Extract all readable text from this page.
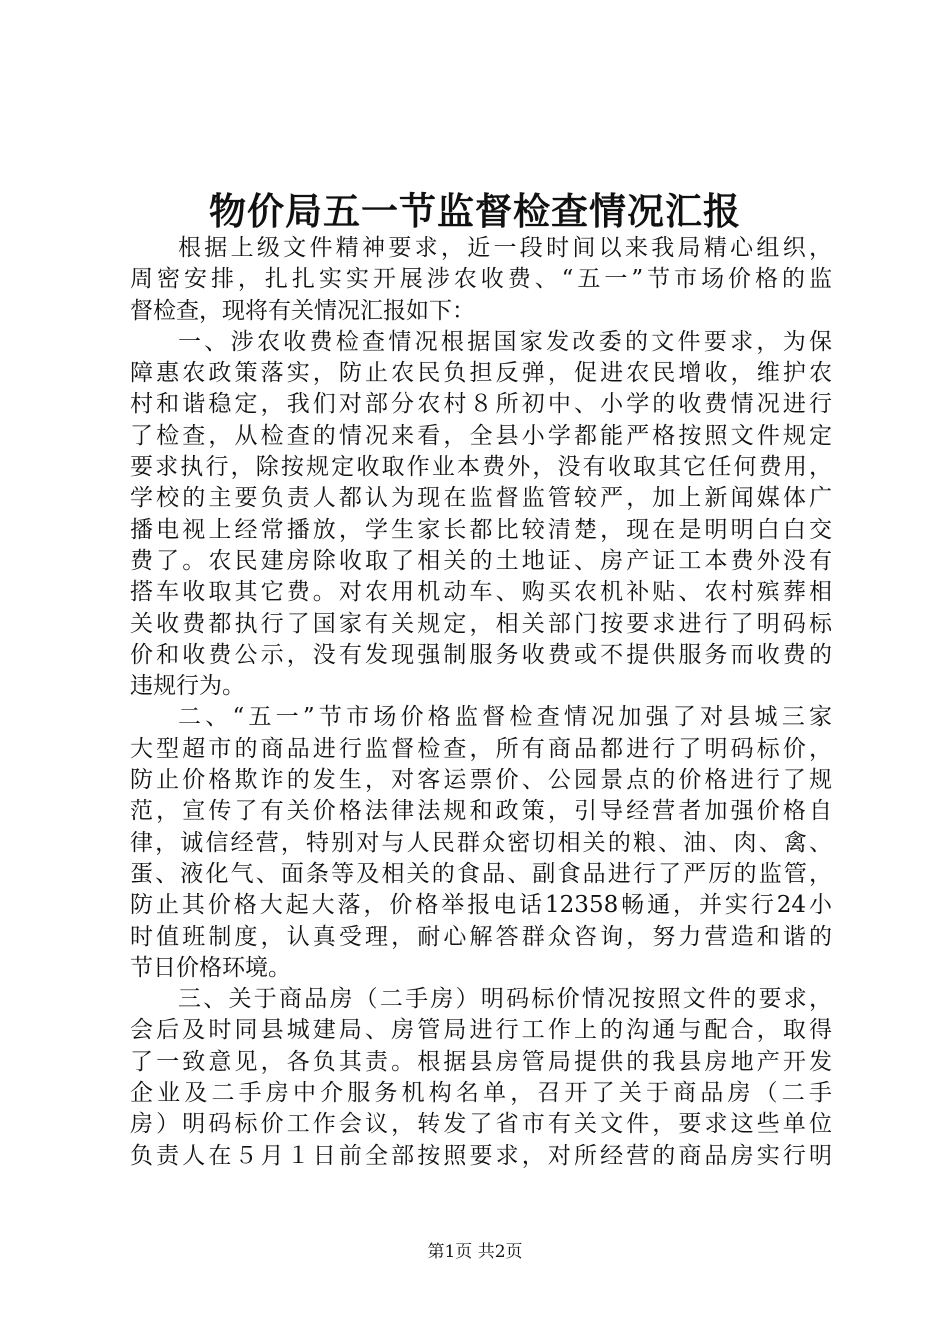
物价局五一节监督检查情况汇报
根据上级文件精神要求，近一段时间以来我局精心组织，
周密安排，扎扎实实开展涉农收费、“五一”节市场价格的监
督检查，现将有关情况汇报如下：
一、涉农收费检查情况根据国家发改委的文件要求，为保
障惠农政策落实，防止农民负担反弹，促进农民增收，维护农
村和谐稳定，我们对部分农村８所初中、小学的收费情况进行
了检查，从检查的情况来看，全县小学都能严格按照文件规定
要求执行，除按规定收取作业本费外，没有收取其它任何费用，
学校的主要负责人都认为现在监督监管较严，加上新闻媒体广
播电视上经常播放，学生家长都比较清楚，现在是明明白白交
费了。农民建房除收取了相关的土地证、房产证工本费外没有
搭车收取其它费。对农用机动车、购买农机补贴、农村殡葬相
关收费都执行了国家有关规定，相关部门按要求进行了明码标
价和收费公示，没有发现强制服务收费或不提供服务而收费的
违规行为。
二、“五一”节市场价格监督检查情况加强了对县城三家
大型超市的商品进行监督检查，所有商品都进行了明码标价，
防止价格欺诈的发生，对客运票价、公园景点的价格进行了规
范，宣传了有关价格法律法规和政策，引导经营者加强价格自
律，诚信经营，特别对与人民群众密切相关的粮、油、肉、禽、
蛋、液化气、面条等及相关的食品、副食品进行了严厉的监管，
防止其价格大起大落，价格举报电话12358畅通，并实行24小
时值班制度，认真受理，耐心解答群众咨询，努力营造和谐的
节日价格环境。
三、关于商品房（二手房）明码标价情况按照文件的要求，
会后及时同县城建局、房管局进行工作上的沟通与配合，取得
了一致意见，各负其责。根据县房管局提供的我县房地产开发
企业及二手房中介服务机构名单，召开了关于商品房（二手
房）明码标价工作会议，转发了省市有关文件，要求这些单位
负责人在５月１日前全部按照要求，对所经营的商品房实行明
第1页 共2页
